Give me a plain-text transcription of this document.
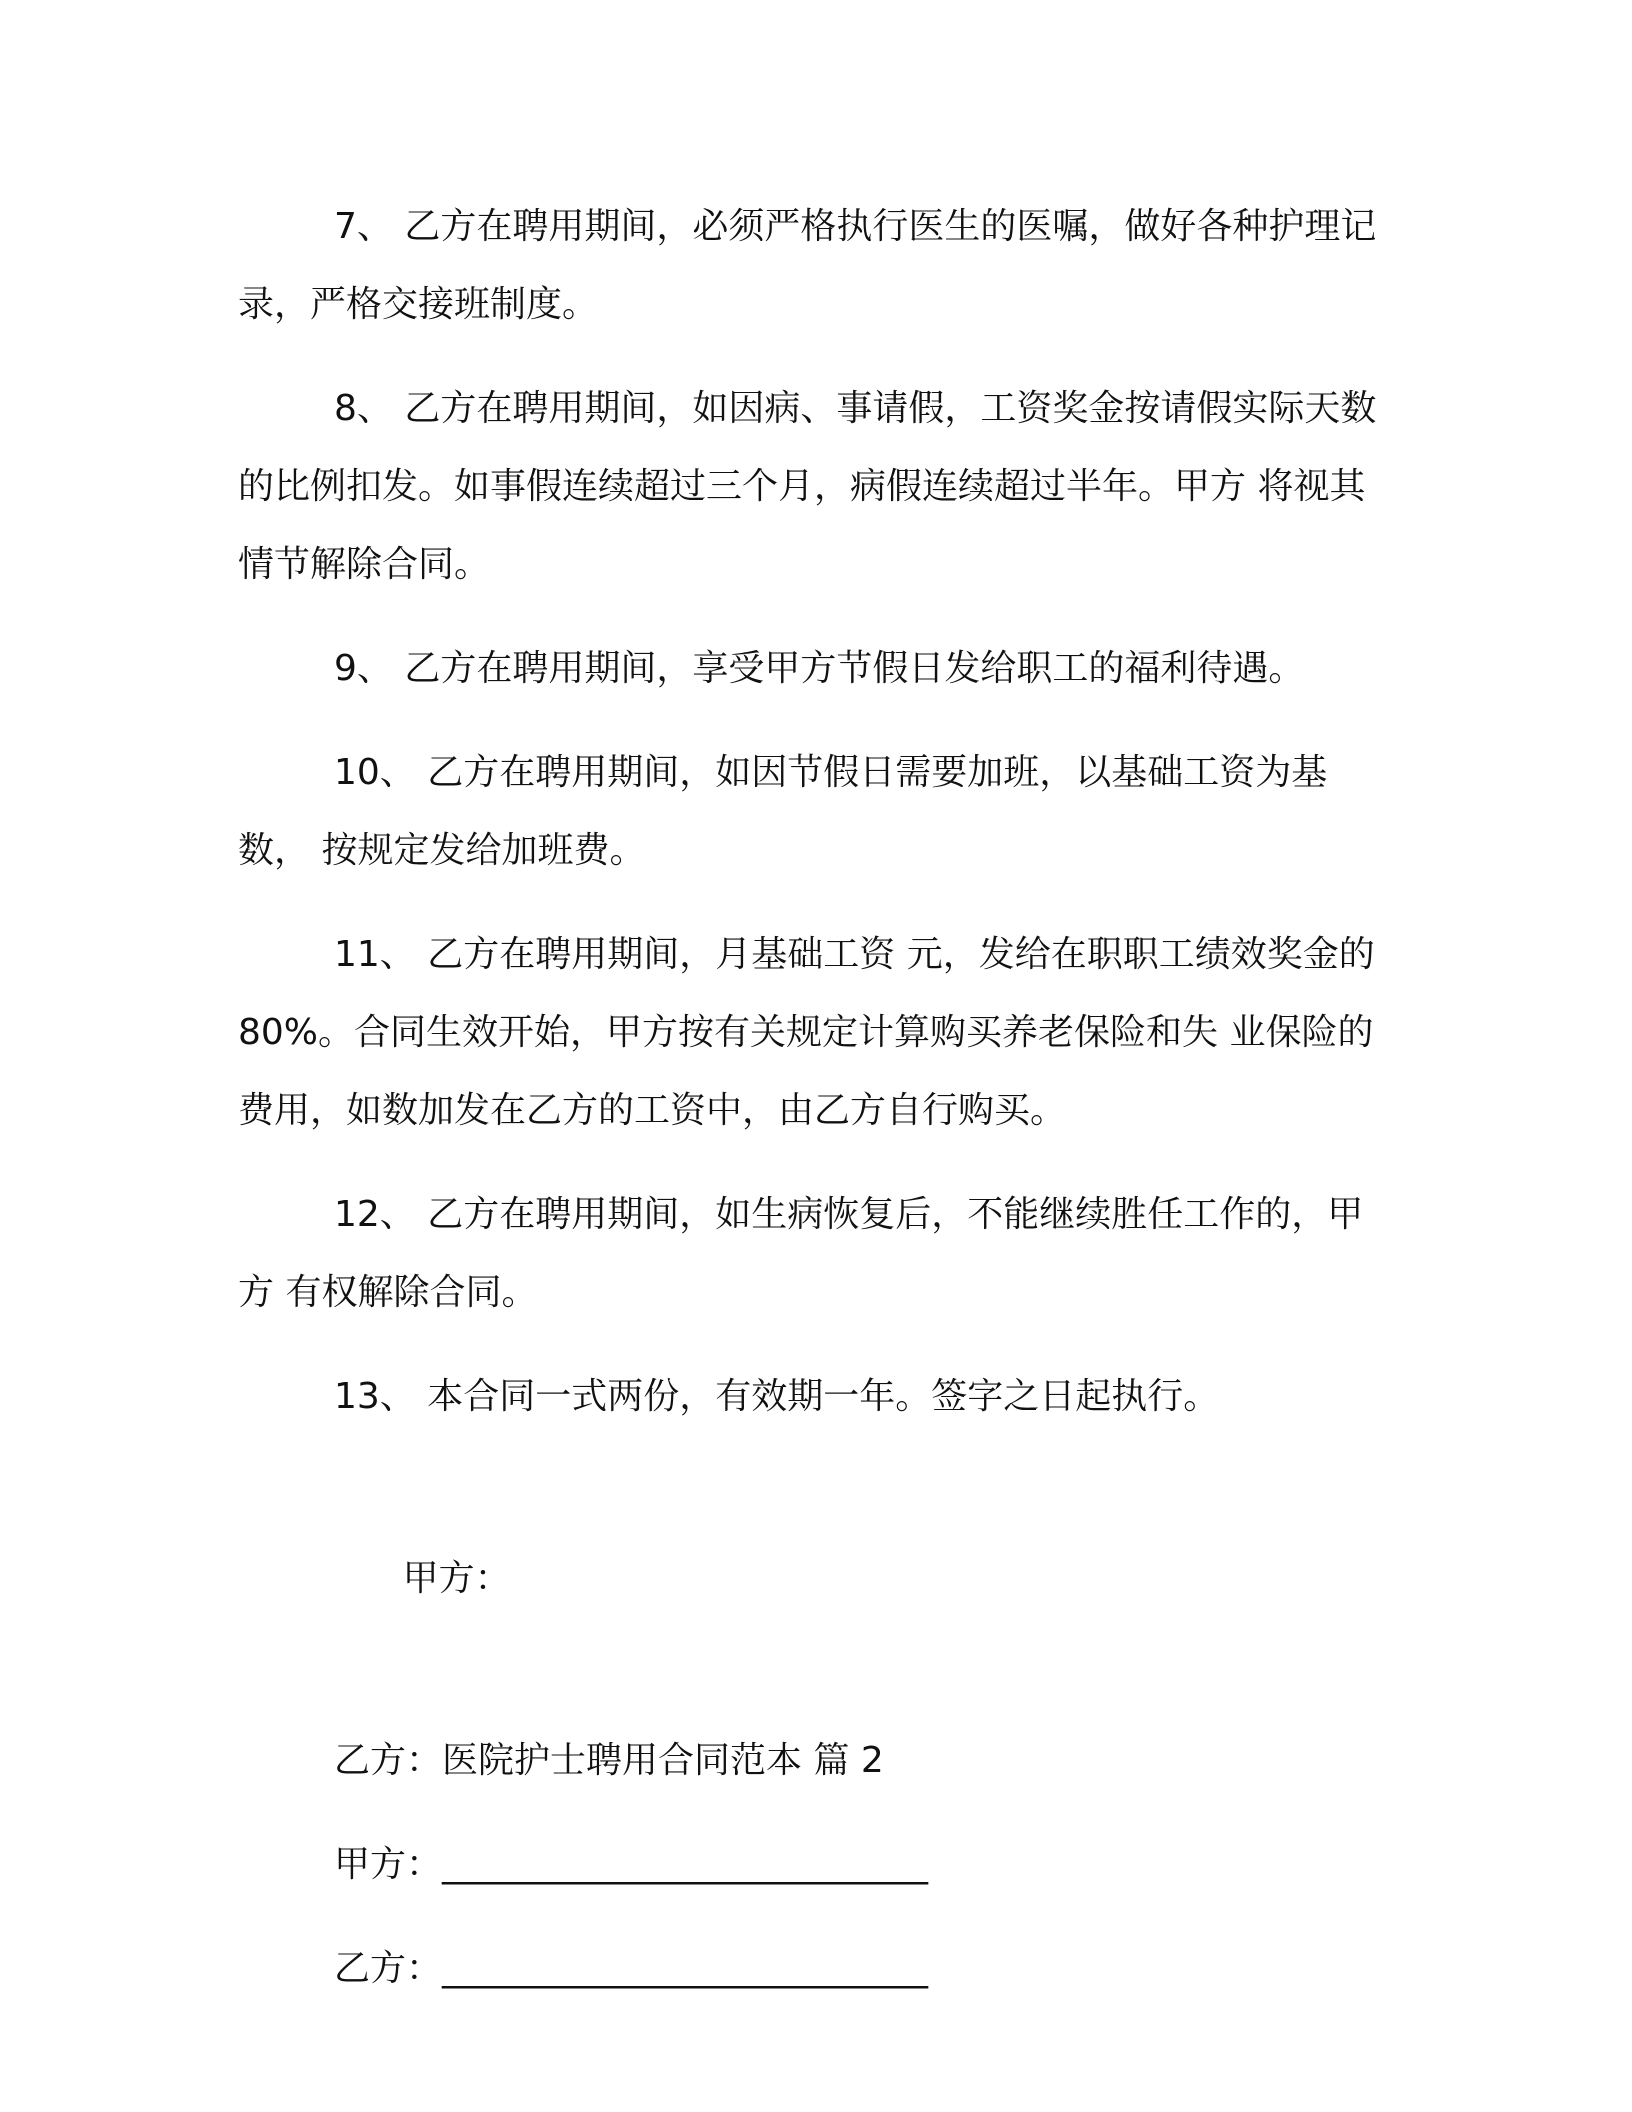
7、 乙方在聘用期间，必须严格执行医生的医嘱，做好各种护理记 录，严格交接班制度。

8、 乙方在聘用期间，如因病、事请假，工资奖金按请假实际天数 的比例扣发。如事假连续超过三个月，病假连续超过半年。甲方 将视其情节解除合同。

9、 乙方在聘用期间，享受甲方节假日发给职工的福利待遇。

10、 乙方在聘用期间，如因节假日需要加班，以基础工资为基数， 按规定发给加班费。

11、 乙方在聘用期间，月基础工资 元，发给在职职工绩效奖金的 80%。合同生效开始，甲方按有关规定计算购买养老保险和失 业保险的费用，如数加发在乙方的工资中，由乙方自行购买。

12、 乙方在聘用期间，如生病恢复后，不能继续胜任工作的，甲方 有权解除合同。

13、 本合同一式两份，有效期一年。签字之日起执行。

甲方：

乙方：医院护士聘用合同范本 篇 2

甲方：___________________________

乙方：___________________________
